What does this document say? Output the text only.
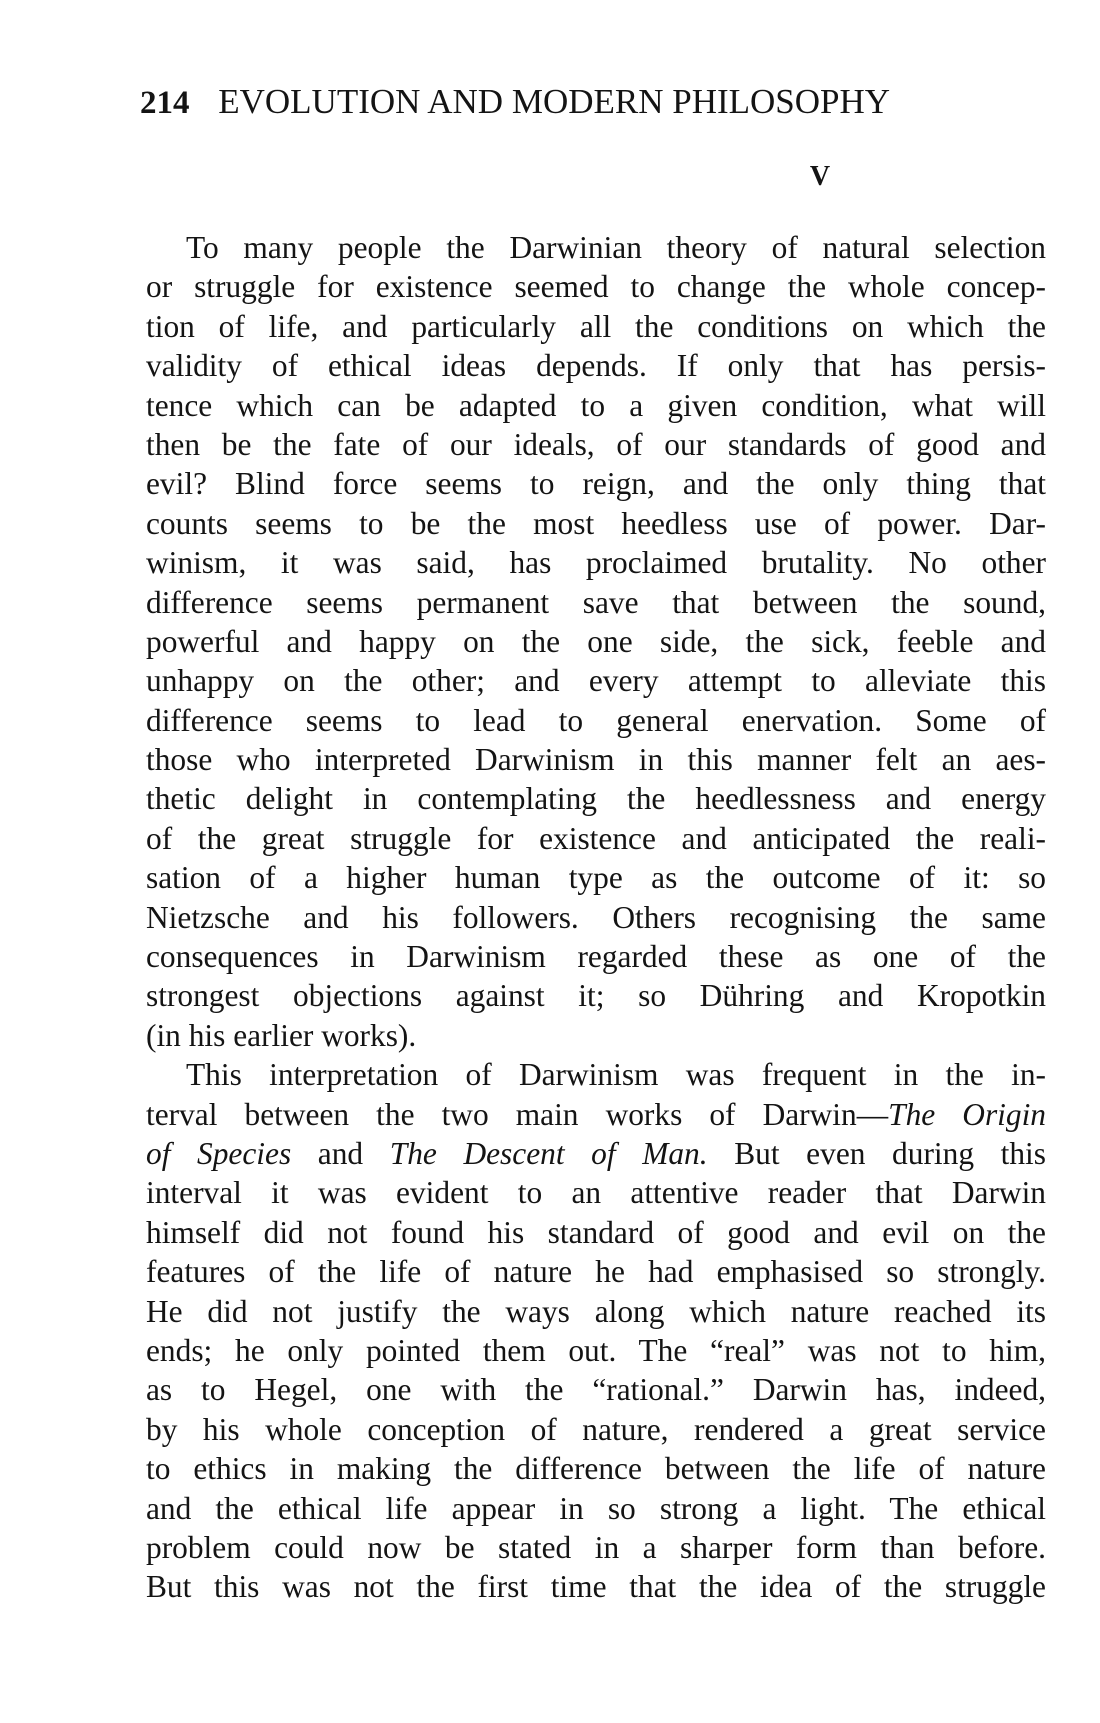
214 EVOLUTION AND MODERN PHILOSOPHY
V
To many people the Darwinian theory of natural selection
or struggle for existence seemed to change the whole concep-
tion of life, and particularly all the conditions on which the
validity of ethical ideas depends. If only that has persis-
tence which can be adapted to a given condition, what will
then be the fate of our ideals, of our standards of good and
evil? Blind force seems to reign, and the only thing that
counts seems to be the most heedless use of power. Dar-
winism, it was said, has proclaimed brutality. No other
difference seems permanent save that between the sound,
powerful and happy on the one side, the sick, feeble and
unhappy on the other; and every attempt to alleviate this
difference seems to lead to general enervation. Some of
those who interpreted Darwinism in this manner felt an aes-
thetic delight in contemplating the heedlessness and energy
of the great struggle for existence and anticipated the reali-
sation of a higher human type as the outcome of it: so
Nietzsche and his followers. Others recognising the same
consequences in Darwinism regarded these as one of the
strongest objections against it; so Dühring and Kropotkin
(in his earlier works).
This interpretation of Darwinism was frequent in the in-
terval between the two main works of Darwin—The Origin
of Species and The Descent of Man. But even during this
interval it was evident to an attentive reader that Darwin
himself did not found his standard of good and evil on the
features of the life of nature he had emphasised so strongly.
He did not justify the ways along which nature reached its
ends; he only pointed them out. The “real” was not to him,
as to Hegel, one with the “rational.” Darwin has, indeed,
by his whole conception of nature, rendered a great service
to ethics in making the difference between the life of nature
and the ethical life appear in so strong a light. The ethical
problem could now be stated in a sharper form than before.
But this was not the first time that the idea of the struggle
